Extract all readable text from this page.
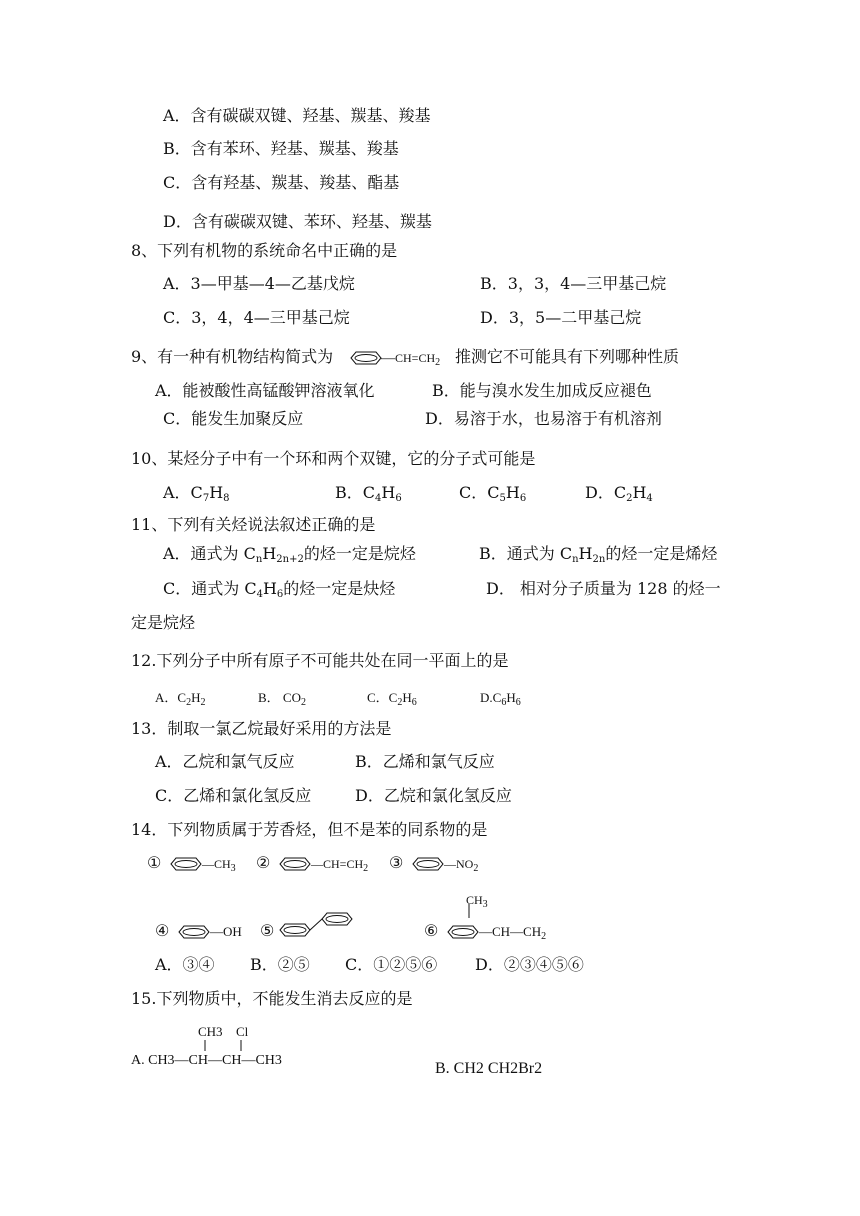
A．含有碳碳双键、羟基、羰基、羧基
B．含有苯环、羟基、羰基、羧基
C．含有羟基、羰基、羧基、酯基
D．含有碳碳双键、苯环、羟基、羰基
8、下列有机物的系统命名中正确的是
A．3—甲基—4—乙基戊烷	B．3，3，4—三甲基己烷
C．3，4，4—三甲基己烷	D．3，5—二甲基己烷
9、有一种有机物结构简式为	$—CH=CH_2$ 推测它不可能具有下列哪种性质
A．能被酸性高锰酸钾溶液氧化	B．能与溴水发生加成反应褪色
C．能发生加聚反应	D．易溶于水，也易溶于有机溶剂
10、某烃分子中有一个环和两个双键，它的分子式可能是
A．$C_7H_8$	B．$C_4H_6$	C．$C_5H_6$	D．$C_2H_4$
11、下列有关烃说法叙述正确的是
A．通式为 $C_nH_{2n+2}$的烃一定是烷烃	B．通式为 $C_nH_{2n}$的烃一定是烯烃
C．通式为 $C_4H_6$的烃一定是炔烃	D． 相对分子质量为 128 的烃一
定是烷烃
12.下列分子中所有原子不可能共处在同一平面上的是
A．$C_2H_2$	B． $CO_2$	C．$C_2H_6$	$D.C_6H_6$
13．制取一氯乙烷最好采用的方法是
A．乙烷和氯气反应	B．乙烯和氯气反应
C．乙烯和氯化氢反应	D．乙烷和氯化氢反应
14．下列物质属于芳香烃，但不是苯的同系物的是
①	$—CH_3$ ②	$—CH=CH_2$ ③	$—NO_2$
④	—OH ⑤	⑥	$—CH—CH_2$
$CH_3$
A．③④ B．②⑤ C．①②⑤⑥ D．②③④⑤⑥
15.下列物质中，不能发生消去反应的是
CH3 Cl
A. CH3—CH—CH—CH3	B. CH2 CH2Br2
